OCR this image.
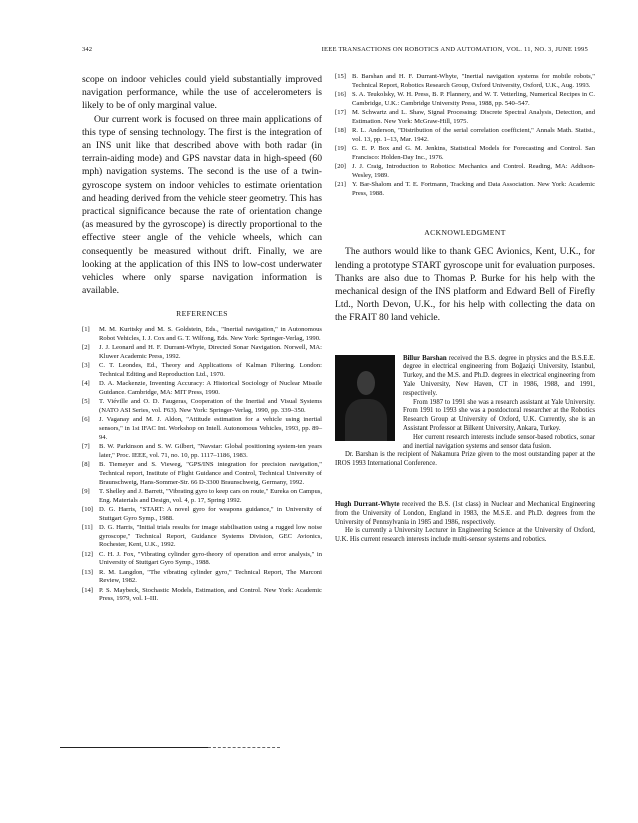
342	IEEE TRANSACTIONS ON ROBOTICS AND AUTOMATION, VOL. 11, NO. 3, JUNE 1995

scope on indoor vehicles could yield substantially improved navigation performance, while the use of accelerometers is likely to be of only marginal value.

Our current work is focused on three main applications of this type of sensing technology. The first is the integration of an INS unit like that described above with both radar (in terrain-aiding mode) and GPS navstar data in high-speed (60 mph) navigation systems. The second is the use of a twin-gyroscope system on indoor vehicles to estimate orientation and heading derived from the vehicle steer geometry. This has practical significance because the rate of orientation change (as measured by the gyroscope) is directly proportional to the effective steer angle of the vehicle wheels, which can consequently be measured without drift. Finally, we are looking at the application of this INS to low-cost underwater vehicles where only sparse navigation information is available.

REFERENCES
[1] M. M. Kuritsky and M. S. Goldstein, Eds., "Inertial navigation," in Autonomous Robot Vehicles, I. J. Cox and G. T. Wilfong, Eds. New York: Springer-Verlag, 1990.
[2] J. J. Leonard and H. F. Durrant-Whyte, Directed Sonar Navigation. Norwell, MA: Kluwer Academic Press, 1992.
[3] C. T. Leondes, Ed., Theory and Applications of Kalman Filtering. London: Technical Editing and Reproduction Ltd., 1970.
[4] D. A. Mackenzie, Inventing Accuracy: A Historical Sociology of Nuclear Missile Guidance. Cambridge, MA: MIT Press, 1990.
[5] T. Viéville and O. D. Faugeras, Cooperation of the Inertial and Visual Systems (NATO ASI Series, vol. F63). New York: Springer-Verlag, 1990, pp. 339–350.
[6] J. Vaganay and M. J. Aldon, "Attitude estimation for a vehicle using inertial sensors," in 1st IFAC Int. Workshop on Intell. Autonomous Vehicles, 1993, pp. 89–94.
[7] B. W. Parkinson and S. W. Gilbert, "Navstar: Global positioning system-ten years later," Proc. IEEE, vol. 71, no. 10, pp. 1117–1186, 1983.
[8] B. Tiemeyer and S. Vieweg, "GPS/INS integration for precision navigation," Technical report, Institute of Flight Guidance and Control, Technical University of Braunschweig, Hans-Sommer-Str. 66 D-3300 Braunschweig, Germany, 1992.
[9] T. Shelley and J. Barrett, "Vibrating gyro to keep cars on route," Eureka on Campus, Eng. Materials and Design, vol. 4, p. 17, Spring 1992.
[10] D. G. Harris, "START: A novel gyro for weapons guidance," in University of Stuttgart Gyro Symp., 1988.
[11] D. G. Harris, "Initial trials results for image stabilisation using a rugged low noise gyroscope," Technical Report, Guidance Systems Division, GEC Avionics, Rochester, Kent, U.K., 1992.
[12] C. H. J. Fox, "Vibrating cylinder gyro-theory of operation and error analysis," in University of Stuttgart Gyro Symp., 1988.
[13] R. M. Langdon, "The vibrating cylinder gyro," Technical Report, The Marconi Review, 1982.
[14] P. S. Maybeck, Stochastic Models, Estimation, and Control. New York: Academic Press, 1979, vol. I–III.
[15] B. Barshan and H. F. Durrant-Whyte, "Inertial navigation systems for mobile robots," Technical Report, Robotics Research Group, Oxford University, Oxford, U.K., Aug. 1993.
[16] S. A. Teukolsky, W. H. Press, B. P. Flannery, and W. T. Vetterling, Numerical Recipes in C. Cambridge, U.K.: Cambridge University Press, 1988, pp. 540–547.
[17] M. Schwartz and L. Shaw, Signal Processing: Discrete Spectral Analysis, Detection, and Estimation. New York: McGraw-Hill, 1975.
[18] R. L. Anderson, "Distribution of the serial correlation coefficient," Annals Math. Statist., vol. 13, pp. 1–13, Mar. 1942.
[19] G. E. P. Box and G. M. Jenkins, Statistical Models for Forecasting and Control. San Francisco: Holden-Day Inc., 1976.
[20] J. J. Craig, Introduction to Robotics: Mechanics and Control. Reading, MA: Addison-Wesley, 1989.
[21] Y. Bar-Shalom and T. E. Fortmann, Tracking and Data Association. New York: Academic Press, 1988.
ACKNOWLEDGMENT

The authors would like to thank GEC Avionics, Kent, U.K., for lending a prototype START gyroscope unit for evaluation purposes. Thanks are also due to Thomas P. Burke for his help with the mechanical design of the INS platform and Edward Bell of Firefly Ltd., North Devon, U.K., for his help with collecting the data on the FRAIT 80 land vehicle.

Billur Barshan received the B.S. degree in physics and the B.S.E.E. degree in electrical engineering from Boğaziçi University, Istanbul, Turkey, and the M.S. and Ph.D. degrees in electrical engineering from Yale University, New Haven, CT in 1986, 1988, and 1991, respectively.

From 1987 to 1991 she was a research assistant at Yale University. From 1991 to 1993 she was a postdoctoral researcher at the Robotics Research Group at University of Oxford, U.K. Currently, she is an Assistant Professor at Bilkent University, Ankara, Turkey.

Her current research interests include sensor-based robotics, sonar and inertial navigation systems and sensor data fusion.

Dr. Barshan is the recipient of Nakamura Prize given to the most outstanding paper at the IROS 1993 International Conference.

Hugh Durrant-Whyte received the B.S. (1st class) in Nuclear and Mechanical Engineering from the University of London, England in 1983, the M.S.E. and Ph.D. degrees from the University of Pennsylvania in 1985 and 1986, respectively.

He is currently a University Lecturer in Engineering Science at the University of Oxford, U.K. His current research interests include multi-sensor systems and robotics.
